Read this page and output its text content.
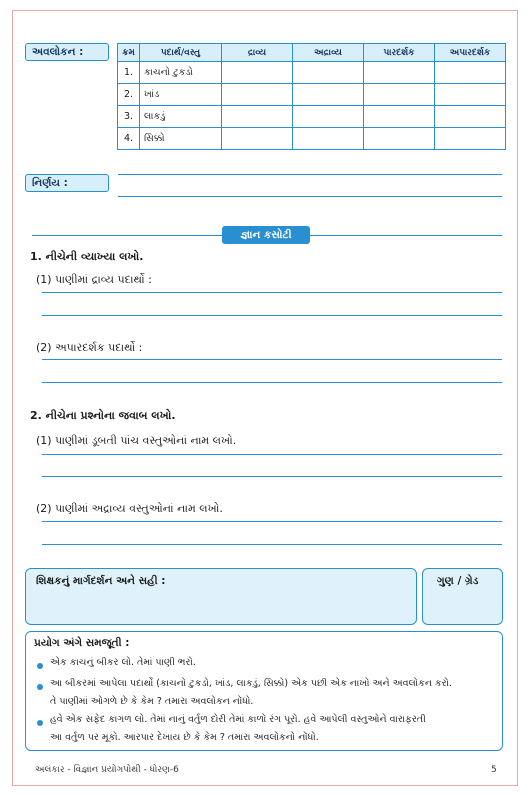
અવલોકન :	ક્રમ	પદાર્થ/વસ્તુ	દ્રાવ્ય	અદ્રાવ્ય	પારદર્શક	અપારદર્શક
1.	કાચનો ટુકડો				
2.	ખાંડ				
3.	લાકડું				
4.	સિક્કો				
નિર્ણય :
જ્ઞાન કસોટી
1. નીચેની વ્યાખ્યા લખો.
(1) પાણીમાં દ્રાવ્ય પદાર્થો :
(2) અપારદર્શક પદાર્થો :
2. નીચેના પ્રશ્નોના જવાબ લખો.
(1) પાણીમાં ડૂબતી પાંચ વસ્તુઓનાં નામ લખો.
(2) પાણીમાં અદ્રાવ્ય વસ્તુઓનાં નામ લખો.
શિક્ષકનું માર્ગદર્શન અને સહી :	ગુણ / ગ્રેડ
પ્રયોગ અંગે સમજૂતી :
એક કાચનું બીકર લો. તેમાં પાણી ભરો.
આ બીકરમાં આપેલા પદાર્થો (કાચનો ટુકડો, ખાંડ, લાકડું, સિક્કો) એક પછી એક નાખો અને અવલોકન કરો.
તે પાણીમાં ઓગળે છે કે કેમ ? તમારા અવલોકન નોંધો.
હવે એક સફેદ કાગળ લો. તેમાં નાનું વર્તુળ દોરી તેમાં કાળો રંગ પૂરો. હવે આપેલી વસ્તુઓને વારાફરતી
આ વર્તુળ પર મૂકો. આરપાર દેખાય છે કે કેમ ? તમારા અવલોકનો નોંધો.
અલંકાર - વિજ્ઞાન પ્રયોગપોથી - ધોરણ-6	5
